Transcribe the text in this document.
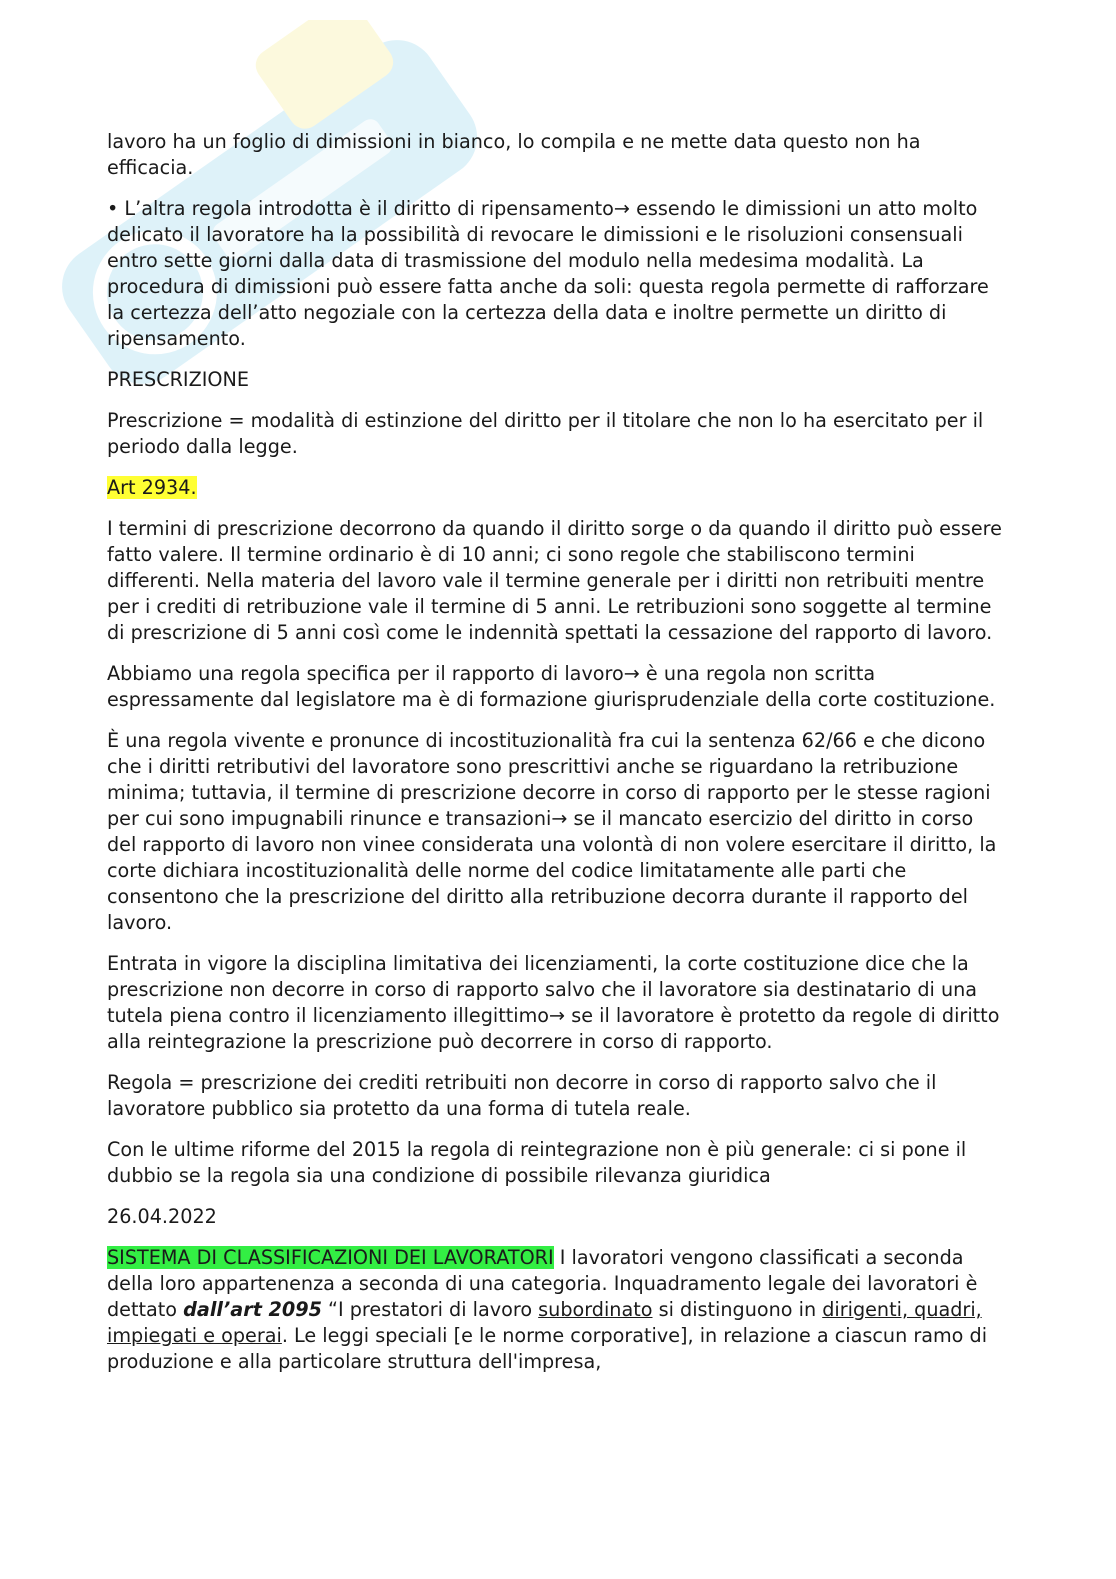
lavoro ha un foglio di dimissioni in bianco, lo compila e ne mette data questo non ha efficacia.

• L’altra regola introdotta è il diritto di ripensamento→ essendo le dimissioni un atto molto delicato il lavoratore ha la possibilità di revocare le dimissioni e le risoluzioni consensuali entro sette giorni dalla data di trasmissione del modulo nella medesima modalità. La procedura di dimissioni può essere fatta anche da soli: questa regola permette di rafforzare la certezza dell’atto negoziale con la certezza della data e inoltre permette un diritto di ripensamento.

PRESCRIZIONE

Prescrizione = modalità di estinzione del diritto per il titolare che non lo ha esercitato per il periodo dalla legge.

Art 2934.

I termini di prescrizione decorrono da quando il diritto sorge o da quando il diritto può essere fatto valere. Il termine ordinario è di 10 anni; ci sono regole che stabiliscono termini differenti. Nella materia del lavoro vale il termine generale per i diritti non retribuiti mentre per i crediti di retribuzione vale il termine di 5 anni. Le retribuzioni sono soggette al termine di prescrizione di 5 anni così come le indennità spettati la cessazione del rapporto di lavoro.

Abbiamo una regola specifica per il rapporto di lavoro→ è una regola non scritta espressamente dal legislatore ma è di formazione giurisprudenziale della corte costituzione.

È una regola vivente e pronunce di incostituzionalità fra cui la sentenza 62/66 e che dicono che i diritti retributivi del lavoratore sono prescrittivi anche se riguardano la retribuzione minima; tuttavia, il termine di prescrizione decorre in corso di rapporto per le stesse ragioni per cui sono impugnabili rinunce e transazioni→ se il mancato esercizio del diritto in corso del rapporto di lavoro non vinee considerata una volontà di non volere esercitare il diritto, la corte dichiara incostituzionalità delle norme del codice limitatamente alle parti che consentono che la prescrizione del diritto alla retribuzione decorra durante il rapporto del lavoro.

Entrata in vigore la disciplina limitativa dei licenziamenti, la corte costituzione dice che la prescrizione non decorre in corso di rapporto salvo che il lavoratore sia destinatario di una tutela piena contro il licenziamento illegittimo→ se il lavoratore è protetto da regole di diritto alla reintegrazione la prescrizione può decorrere in corso di rapporto.

Regola = prescrizione dei crediti retribuiti non decorre in corso di rapporto salvo che il lavoratore pubblico sia protetto da una forma di tutela reale.

Con le ultime riforme del 2015 la regola di reintegrazione non è più generale: ci si pone il dubbio se la regola sia una condizione di possibile rilevanza giuridica

26.04.2022

SISTEMA DI CLASSIFICAZIONI DEI LAVORATORI I lavoratori vengono classificati a seconda della loro appartenenza a seconda di una categoria. Inquadramento legale dei lavoratori è dettato dall’art 2095 “I prestatori di lavoro subordinato si distinguono in dirigenti, quadri, impiegati e operai. Le leggi speciali [e le norme corporative], in relazione a ciascun ramo di produzione e alla particolare struttura dell'impresa,
